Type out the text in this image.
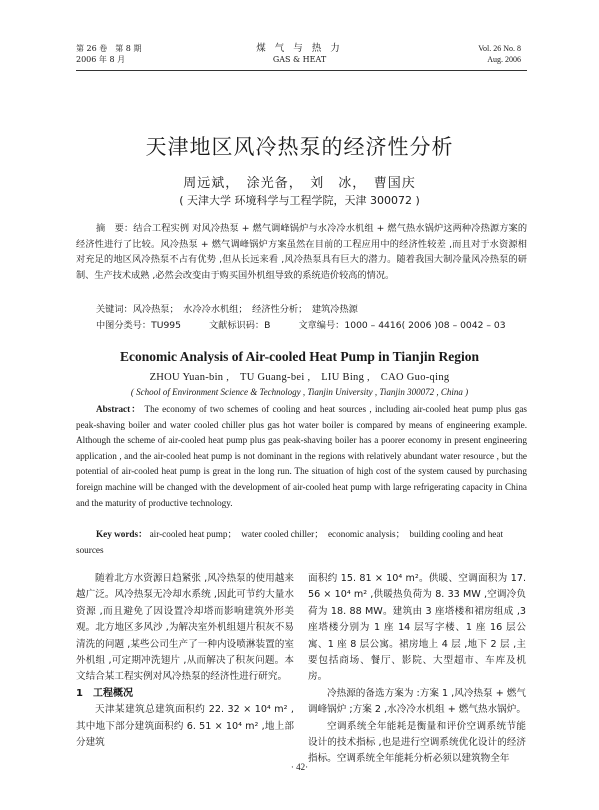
第 26 卷　第 8 期
2006 年 8 月
煤 气 与 热 力
GAS & HEAT
Vol. 26 No. 8
Aug. 2006
天津地区风冷热泵的经济性分析
周远斌，　涂光备，　刘　冰，　曹国庆
( 天津大学 环境科学与工程学院，天津 300072 )
摘　要：结合工程实例 对风冷热泵 + 燃气调峰锅炉与水冷冷水机组 + 燃气热水锅炉这两种冷热源方案的经济性进行了比较。风冷热泵 + 燃气调峰锅炉方案虽然在目前的工程应用中的经济性较差 ,而且对于水资源相对充足的地区风冷热泵不占有优势 ,但从长远来看 ,风冷热泵具有巨大的潜力。随着我国大制冷量风冷热泵的研制、生产技术成熟 ,必然会改变由于购买国外机组导致的系统造价较高的情况。
关键词：风冷热泵；　水冷冷水机组；　经济性分析；　建筑冷热源
中图分类号：TU995	文献标识码：B	文章编号：1000 – 4416( 2006 )08 – 0042 – 03
Economic Analysis of Air-cooled Heat Pump in Tianjin Region
ZHOU Yuan-bin ,　TU Guang-bei ,　LIU Bing ,　CAO Guo-qing
( School of Environment Science & Technology , Tianjin University , Tianjin 300072 , China )
Abstract： The economy of two schemes of cooling and heat sources , including air-cooled heat pump plus gas peak-shaving boiler and water cooled chiller plus gas hot water boiler is compared by means of engineering example. Although the scheme of air-cooled heat pump plus gas peak-shaving boiler has a poorer economy in present engineering application , and the air-cooled heat pump is not dominant in the regions with relatively abundant water resource , but the potential of air-cooled heat pump is great in the long run. The situation of high cost of the system caused by purchasing foreign machine will be changed with the development of air-cooled heat pump with large refrigerating capacity in China and the maturity of productive technology.
Key words： air-cooled heat pump；　water cooled chiller；　economic analysis；　building cooling and heat sources

随着北方水资源日趋紧张 ,风冷热泵的使用越来越广泛。风冷热泵无冷却水系统 ,因此可节约大量水资源 ,而且避免了因设置冷却塔而影响建筑外形美观。北方地区多风沙 ,为解决室外机组翅片积灰不易清洗的问题 ,某些公司生产了一种内设喷淋装置的室外机组 ,可定期冲洗翅片 ,从而解决了积灰问题。本文结合某工程实例对风冷热泵的经济性进行研究。

1　工程概况

天津某建筑总建筑面积约 22. 32 × 10⁴ m² ,其中地下部分建筑面积约 6. 51 × 10⁴ m² ,地上部分建筑

面积约 15. 81 × 10⁴ m²。供暖、空调面积为 17. 56 × 10⁴ m² ,供暖热负荷为 8. 33 MW ,空调冷负荷为 18. 88 MW。建筑由 3 座塔楼和裙房组成 ,3 座塔楼分别为 1 座 14 层写字楼、1 座 16 层公寓、1 座 8 层公寓。裙房地上 4 层 ,地下 2 层 ,主要包括商场、餐厅、影院、大型超市、车库及机房。

冷热源的备选方案为 :方案 1 ,风冷热泵 + 燃气调峰锅炉 ;方案 2 ,水冷冷水机组 + 燃气热水锅炉。

空调系统全年能耗是衡量和评价空调系统节能设计的技术指标 ,也是进行空调系统优化设计的经济指标。空调系统全年能耗分析必须以建筑物全年

· 42·
